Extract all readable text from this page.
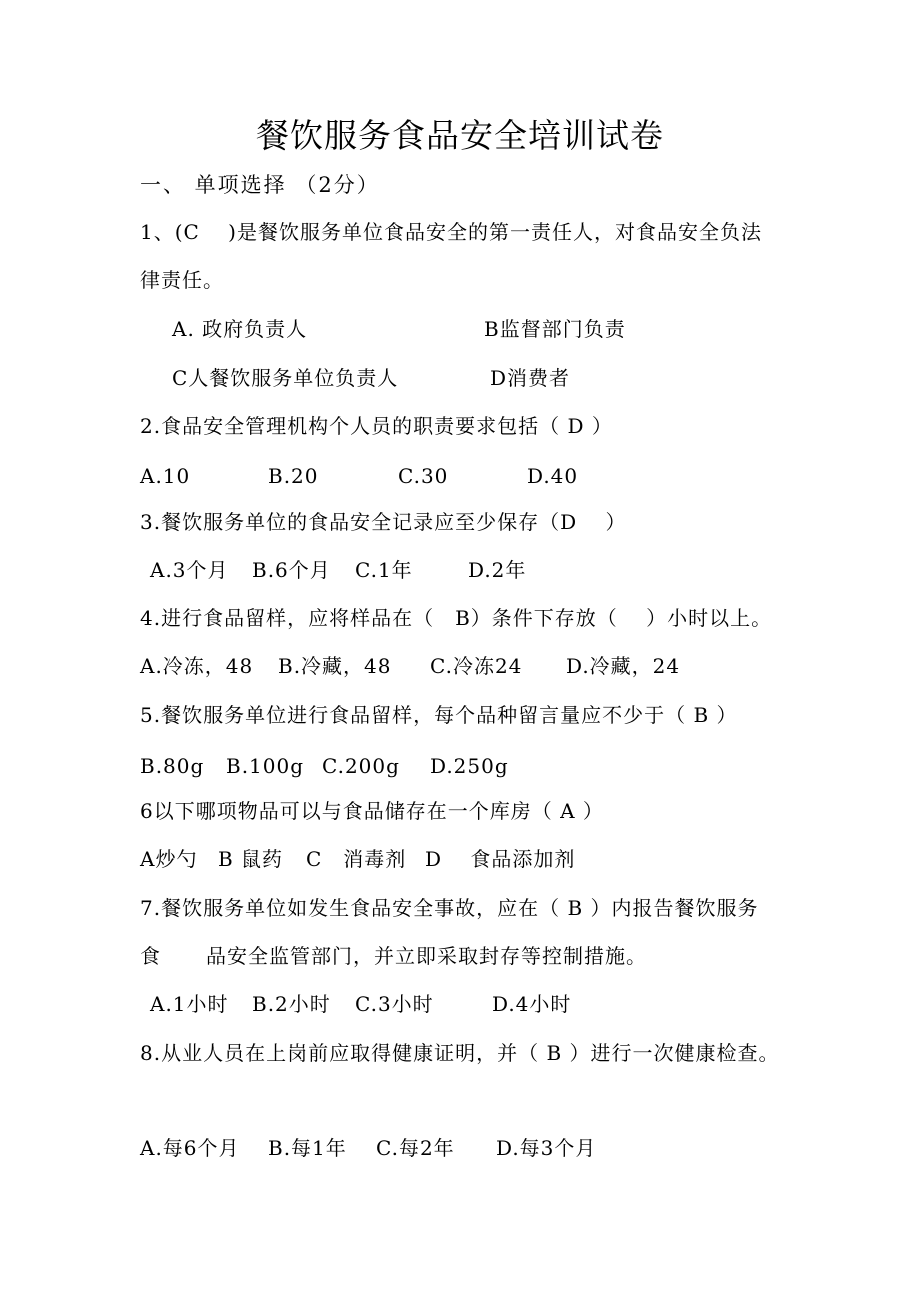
餐饮服务食品安全培训试卷
一、 单项选择 （2分）
1、(C　 )是餐饮服务单位食品安全的第一责任人，对食品安全负法
律责任。
A. 政府负责人	B监督部门负责
C人餐饮服务单位负责人	D消费者
2.食品安全管理机构个人员的职责要求包括（ D ）
A.10	B.20	C.30	D.40
3.餐饮服务单位的食品安全记录应至少保存（D　 ）
A.3个月 B.6个月 C.1年	D.2年
4.进行食品留样，应将样品在（　B）条件下存放（　 ）小时以上。
A.冷冻，48 B.冷藏，48 C.冷冻24 D.冷藏，24
5.餐饮服务单位进行食品留样，每个品种留言量应不少于（ B ）
B.80g B.100g C.200g D.250g
6以下哪项物品可以与食品储存在一个库房（ A ）
A炒勺 B 鼠药 C　消毒剂 D　 食品添加剂
7.餐饮服务单位如发生食品安全事故，应在（ B ）内报告餐饮服务
食 品安全监管部门，并立即采取封存等控制措施。
A.1小时 B.2小时 C.3小时	D.4小时
8.从业人员在上岗前应取得健康证明，并（ B ）进行一次健康检查。
A.每6个月 B.每1年 C.每2年 D.每3个月
